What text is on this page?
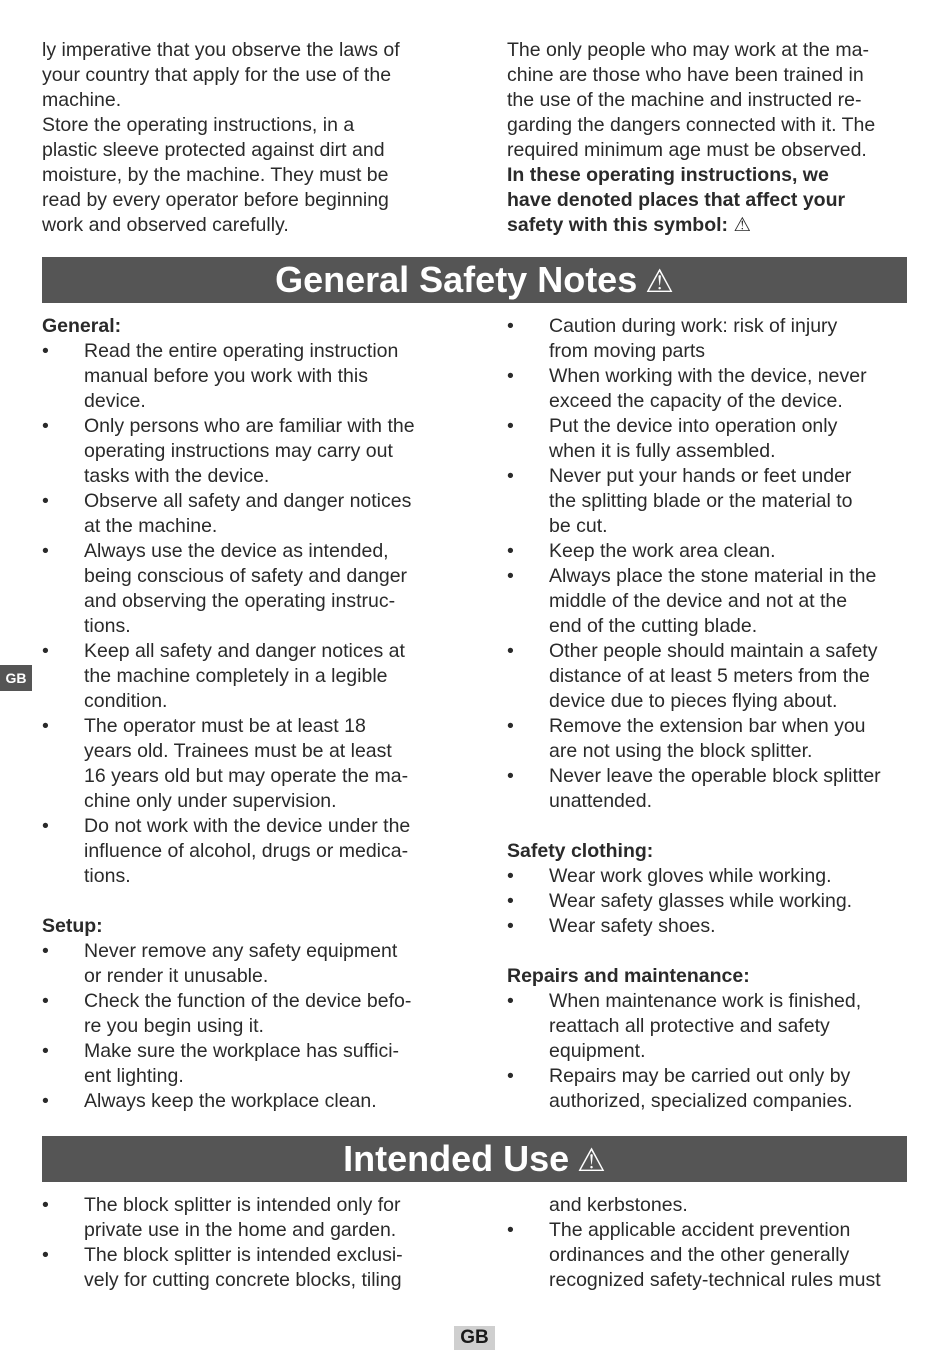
ly imperative that you observe the laws of
your country that apply for the use of the
machine.
Store the operating instructions, in a
plastic sleeve protected against dirt and
moisture, by the machine. They must be
read by every operator before beginning
work and observed carefully.

The only people who may work at the ma-
chine are those who have been trained in
the use of the machine and instructed re-
garding the dangers connected with it. The
required minimum age must be observed.

In these operating instructions, we
have denoted places that affect your
safety with this symbol: ⚠

General Safety Notes ⚠

General:

• Read the entire operating instruction
manual before you work with this
device.
• Only persons who are familiar with the
operating instructions may carry out
tasks with the device.
• Observe all safety and danger notices
at the machine.
• Always use the device as intended,
being conscious of safety and danger
and observing the operating instruc-
tions.
• Keep all safety and danger notices at
the machine completely in a legible
condition.
• The operator must be at least 18
years old. Trainees must be at least
16 years old but may operate the ma-
chine only under supervision.
• Do not work with the device under the
influence of alcohol, drugs or medica-
tions.

Setup:

• Never remove any safety equipment
or render it unusable.
• Check the function of the device befo-
re you begin using it.
• Make sure the workplace has suffici-
ent lighting.
• Always keep the workplace clean.
• Caution during work: risk of injury
from moving parts
• When working with the device, never
exceed the capacity of the device.
• Put the device into operation only
when it is fully assembled.
• Never put your hands or feet under
the splitting blade or the material to
be cut.
• Keep the work area clean.
• Always place the stone material in the
middle of the device and not at the
end of the cutting blade.
• Other people should maintain a safety
distance of at least 5 meters from the
device due to pieces flying about.
• Remove the extension bar when you
are not using the block splitter.
• Never leave the operable block splitter
unattended.

Safety clothing:

• Wear work gloves while working.
• Wear safety glasses while working.
• Wear safety shoes.

Repairs and maintenance:

• When maintenance work is finished,
reattach all protective and safety
equipment.
• Repairs may be carried out only by
authorized, specialized companies.
Intended Use ⚠
• The block splitter is intended only for
private use in the home and garden.
• The block splitter is intended exclusi-
vely for cutting concrete blocks, tiling

and kerbstones.

• The applicable accident prevention
ordinances and the other generally
recognized safety-technical rules must
GB
GB
